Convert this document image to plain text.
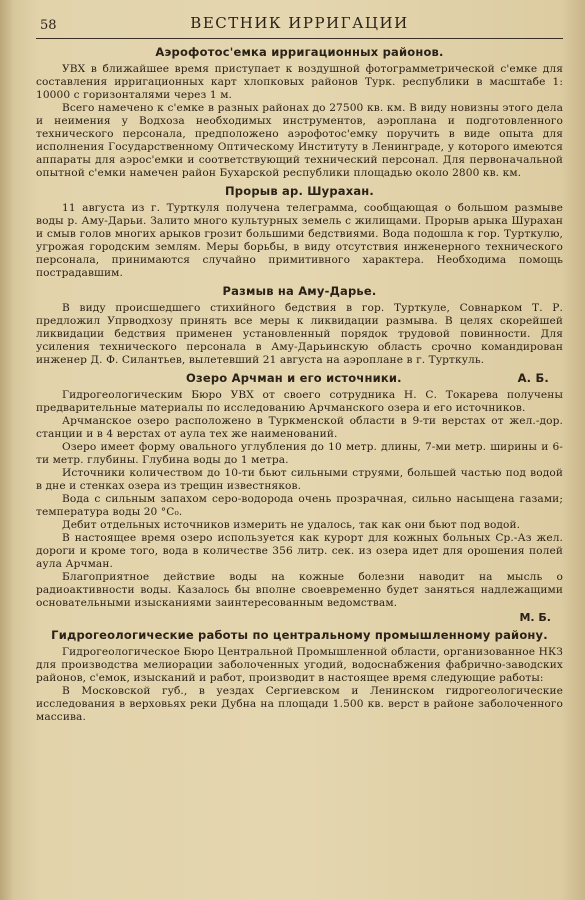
58	ВЕСТНИК ИРРИГАЦИИ
Аэрофотос'емка ирригационных районов.

УВХ в ближайшее время приступает к воздушной фотограмметрической с'емке для составления ирригационных карт хлопковых районов Турк. республики в масштабе 1: 10000 с горизонталями через 1 м.

Всего намечено к с'емке в разных районах до 27500 кв. км. В виду новизны этого дела и неимения у Водхоза необходимых инструментов, аэроплана и подготовленного технического персонала, предположено аэрофотос'емку поручить в виде опыта для исполнения Государственному Оптическому Институту в Ленинграде, у которого имеются аппараты для аэрос'емки и соответствующий технический персонал. Для первоначальной опытной с'емки намечен район Бухарской республики площадью около 2800 кв. км.

Прорыв ар. Шурахан.

11 августа из г. Турткуля получена телеграмма, сообщающая о большом размыве воды р. Аму-Дарьи. Залито много культурных земель с жилищами. Прорыв арыка Шурахан и смыв голов многих арыков грозит большими бедствиями. Вода подошла к гор. Турткулю, угрожая городским землям. Меры борьбы, в виду отсутствия инженерного технического персонала, принимаются случайно примитивного характера. Необходима помощь пострадавшим.

Размыв на Аму-Дарье.

В виду происшедшего стихийного бедствия в гор. Турткуле, Совнарком Т. Р. предложил Упрводхозу принять все меры к ликвидации размыва. В целях скорейшей ликвидации бедствия применен установленный порядок трудовой повинности. Для усиления технического персонала в Аму-Дарьинскую область срочно командирован инженер Д. Ф. Силантьев, вылетевший 21 августа на аэроплане в г. Турткуль.

Озеро Арчман и его источники.	А. Б.

Гидрогеологическим Бюро УВХ от своего сотрудника Н. С. Токарева получены предварительные материалы по исследованию Арчманского озера и его источников.

Арчманское озеро расположено в Туркменской области в 9-ти верстах от жел.-дор. станции и в 4 верстах от аула тех же наименований.

Озеро имеет форму овального углубления до 10 метр. длины, 7-ми метр. ширины и 6-ти метр. глубины. Глубина воды до 1 метра.

Источники количеством до 10-ти бьют сильными струями, большей частью под водой в дне и стенках озера из трещин известняков.

Вода с сильным запахом серо-водорода очень прозрачная, сильно насыщена газами; температура воды 20 °C₀.

Дебит отдельных источников измерить не удалось, так как они бьют под водой.

В настоящее время озеро используется как курорт для кожных больных Ср.-Аз жел. дороги и кроме того, вода в количестве 356 литр. сек. из озера идет для орошения полей аула Арчман.

Благоприятное действие воды на кожные болезни наводит на мысль о радиоактивности воды. Казалось бы вполне своевременно будет заняться надлежащими основательными изысканиями заинтересованным ведомствам.

М. Б.
Гидрогеологические работы по центральному промышленному району.

Гидрогеологическое Бюро Центральной Промышленной области, организованное НКЗ для производства мелиорации заболоченных угодий, водоснабжения фабрично-заводских районов, с'емок, изысканий и работ, производит в настоящее время следующие работы:

В Московской губ., в уездах Сергиевском и Ленинском гидрогеологические исследования в верховьях реки Дубна на площади 1.500 кв. верст в районе заболоченного массива.
